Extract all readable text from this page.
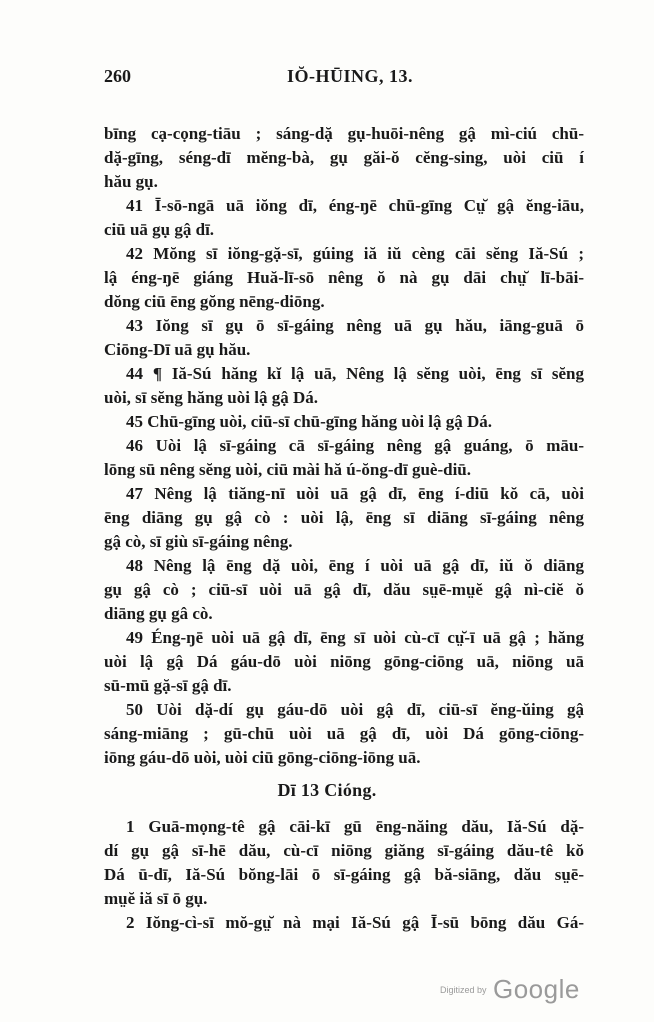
260	IŎ-HŪING, 13.
bīng cạ-cọng-tiāu ; sáng-dặ gụ-huōi-nêng gậ mì-ciú chū-
dặ-gīng, séng-dī mĕng-bà, gụ găi-ŏ cĕng-sing, uòi ciū í
hău gụ.
41 Ī-sō-ngā uā iŏng dī, éng-ŋē chū-gīng Cṳ̆ gậ ĕng-iāu,
ciū uā gụ gậ dī.
42 Mŏng sī iŏng-gặ-sī, gúing iă iŭ cèng cāi sĕng Iă-Sú ;
lậ éng-ŋē giáng Huă-lī-sō nêng ŏ nà gụ dāi chṳ̆ lī-bāi-
dŏng ciū ēng gŏng nēng-diōng.
43 Iŏng sī gụ ō sī-gáing nêng uā gụ hău, iāng-guā ō
Ciōng-Dī uā gụ hău.
44 ¶ Iă-Sú hăng kĭ lậ uā, Nêng lậ sĕng uòi, ēng sī sĕng
uòi, sī sĕng hăng uòi lậ gậ Dá.
45 Chū-gīng uòi, ciū-sī chū-gīng hăng uòi lậ gậ Dá.
46 Uòi lậ sī-gáing cā sī-gáing nêng gậ guáng, ō māu-
lōng sū nêng sĕng uòi, ciū mài hă ú-ŏng-dī guè-diū.
47 Nêng lậ tiăng-nī uòi uā gậ dī, ēng í-diū kŏ cā, uòi
ēng diāng gụ gậ cò : uòi lậ, ēng sī diāng sī-gáing nêng
gậ cò, sī giù sī-gáing nêng.
48 Nêng lậ ēng dặ uòi, ēng í uòi uā gậ dī, iŭ ŏ diāng
gụ gậ cò ; ciū-sī uòi uā gậ dī, dău sṳē-mṳĕ gậ nì-ciĕ ŏ
diāng gụ gâ cò.
49 Éng-ŋē uòi uā gậ dī, ēng sī uòi cù-cī cṳ̆-ī uā gậ ; hăng
uòi lậ gậ Dá gáu-dō uòi niōng gōng-ciōng uā, niōng uā
sū-mū gặ-sī gậ dī.
50 Uòi dặ-dí gụ gáu-dō uòi gậ dī, ciū-sī ĕng-ŭing gậ
sáng-miāng ; gū-chū uòi uā gậ dī, uòi Dá gōng-ciōng-
iōng gáu-dō uòi, uòi ciū gōng-ciōng-iōng uā.
Dī 13 Cióng.
1 Guā-mọng-tê gậ cāi-kī gū ēng-năing dău, Iă-Sú dặ-
dí gụ gậ sī-hē dău, cù-cī niōng giăng sī-gáing dău-tê kŏ
Dá ū-dī, Iă-Sú bŏng-lāi ō sī-gáing gậ bă-siāng, dău sṳē-
mṳĕ iă sī ō gụ.
2 Iŏng-cì-sī mŏ-gṳ̆ nà mại Iă-Sú gậ Ī-sū bōng dău Gá-
Digitized by Google
